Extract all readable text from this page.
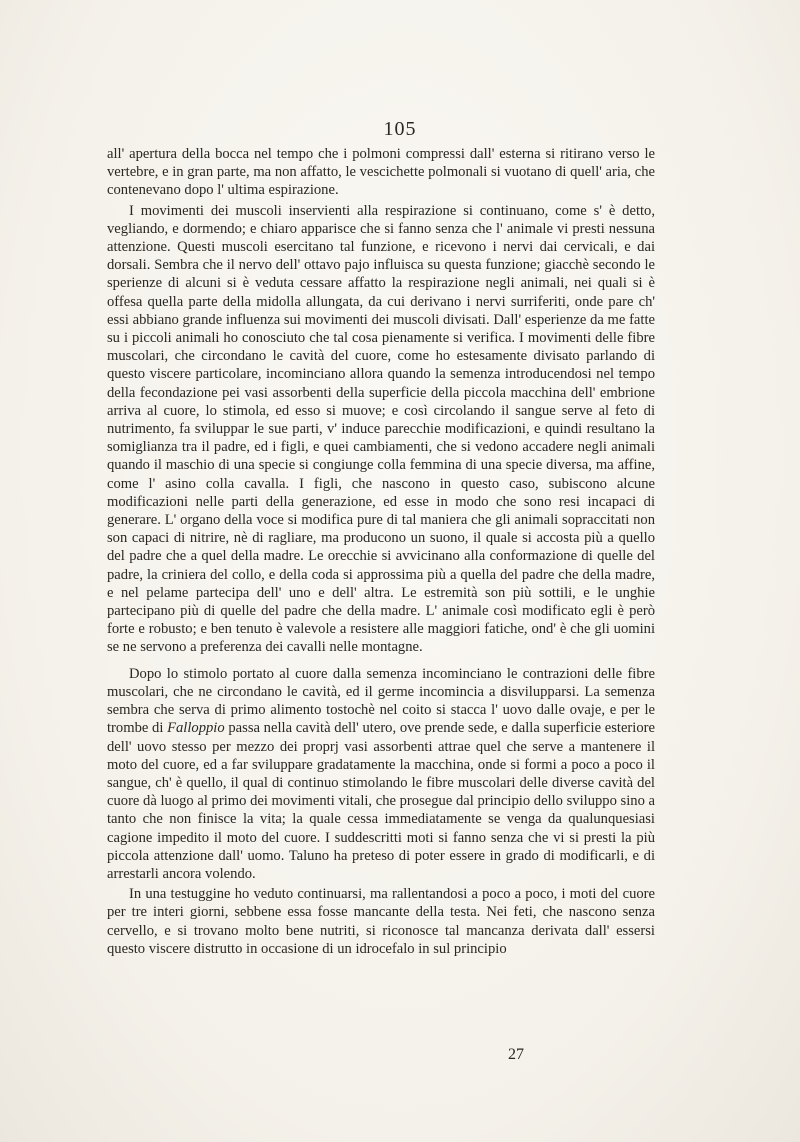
105

all' apertura della bocca nel tempo che i polmoni compressi dall' esterna si ritirano verso le vertebre, e in gran parte, ma non affatto, le vescichette polmonali si vuotano di quell' aria, che contenevano dopo l' ultima espirazione.

I movimenti dei muscoli inservienti alla respirazione si continuano, come s' è detto, vegliando, e dormendo; e chiaro apparisce che si fanno senza che l' animale vi presti nessuna attenzione. Questi muscoli esercitano tal funzione, e ricevono i nervi dai cervicali, e dai dorsali. Sembra che il nervo dell' ottavo pajo influisca su questa funzione; giacchè secondo le sperienze di alcuni si è veduta cessare affatto la respirazione negli animali, nei quali si è offesa quella parte della midolla allungata, da cui derivano i nervi surriferiti, onde pare ch' essi abbiano grande influenza sui movimenti dei muscoli divisati. Dall' esperienze da me fatte su i piccoli animali ho conosciuto che tal cosa pienamente si verifica. I movimenti delle fibre muscolari, che circondano le cavità del cuore, come ho estesamente divisato parlando di questo viscere particolare, incominciano allora quando la semenza introducendosi nel tempo della fecondazione pei vasi assorbenti della superficie della piccola macchina dell' embrione arriva al cuore, lo stimola, ed esso si muove; e così circolando il sangue serve al feto di nutrimento, fa sviluppar le sue parti, v' induce parecchie modificazioni, e quindi resultano la somiglianza tra il padre, ed i figli, e quei cambiamenti, che si vedono accadere negli animali quando il maschio di una specie si congiunge colla femmina di una specie diversa, ma affine, come l' asino colla cavalla. I figli, che nascono in questo caso, subiscono alcune modificazioni nelle parti della generazione, ed esse in modo che sono resi incapaci di generare. L' organo della voce si modifica pure di tal maniera che gli animali sopraccitati non son capaci di nitrire, nè di ragliare, ma producono un suono, il quale si accosta più a quello del padre che a quel della madre. Le orecchie si avvicinano alla conformazione di quelle del padre, la criniera del collo, e della coda si approssima più a quella del padre che della madre, e nel pelame partecipa dell' uno e dell' altra. Le estremità son più sottili, e le unghie partecipano più di quelle del padre che della madre. L' animale così modificato egli è però forte e robusto; e ben tenuto è valevole a resistere alle maggiori fatiche, ond' è che gli uomini se ne servono a preferenza dei cavalli nelle montagne.

Dopo lo stimolo portato al cuore dalla semenza incominciano le contrazioni delle fibre muscolari, che ne circondano le cavità, ed il germe incomincia a disvilupparsi. La semenza sembra che serva di primo alimento tostochè nel coito si stacca l' uovo dalle ovaje, e per le trombe di Falloppio passa nella cavità dell' utero, ove prende sede, e dalla superficie esteriore dell' uovo stesso per mezzo dei proprj vasi assorbenti attrae quel che serve a mantenere il moto del cuore, ed a far sviluppare gradatamente la macchina, onde si formi a poco a poco il sangue, ch' è quello, il qual di continuo stimolando le fibre muscolari delle diverse cavità del cuore dà luogo al primo dei movimenti vitali, che prosegue dal principio dello sviluppo sino a tanto che non finisce la vita; la quale cessa immediatamente se venga da qualunquesiasi cagione impedito il moto del cuore. I suddescritti moti si fanno senza che vi si presti la più piccola attenzione dall' uomo. Taluno ha preteso di poter essere in grado di modificarli, e di arrestarli ancora volendo.

In una testuggine ho veduto continuarsi, ma rallentandosi a poco a poco, i moti del cuore per tre interi giorni, sebbene essa fosse mancante della testa. Nei feti, che nascono senza cervello, e si trovano molto bene nutriti, si riconosce tal mancanza derivata dall' essersi questo viscere distrutto in occasione di un idrocefalo in sul principio

27
